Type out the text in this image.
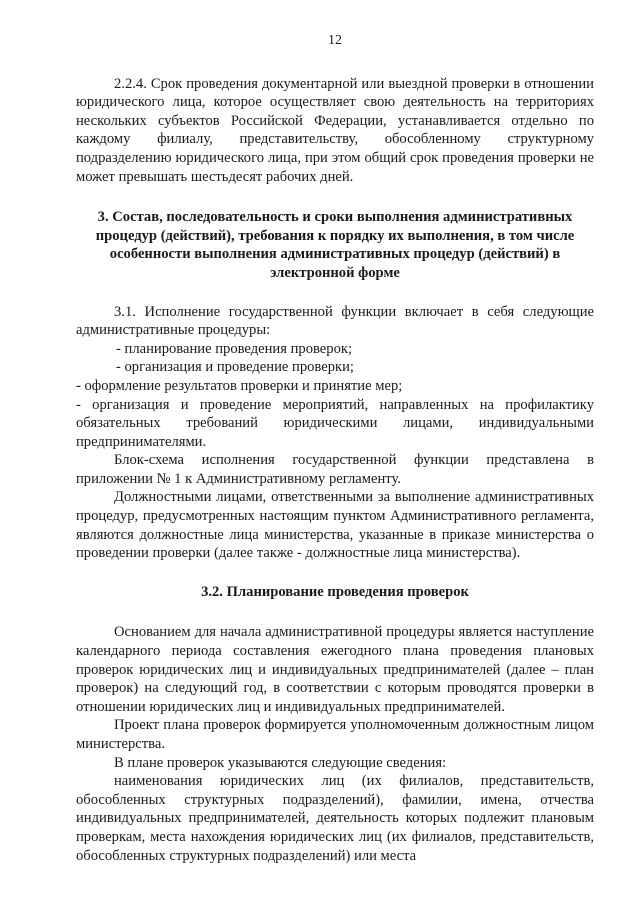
12

2.2.4. Срок проведения документарной или выездной проверки в отношении юридического лица, которое осуществляет свою деятельность на территориях нескольких субъектов Российской Федерации, устанавливается отдельно по каждому филиалу, представительству, обособленному структурному подразделению юридического лица, при этом общий срок проведения проверки не может превышать шестьдесят рабочих дней.

3. Состав, последовательность и сроки выполнения административных процедур (действий), требования к порядку их выполнения, в том числе особенности выполнения административных процедур (действий) в электронной форме

3.1. Исполнение государственной функции включает в себя следующие административные процедуры:

- планирование проведения проверок;

- организация и проведение проверки;

- оформление результатов проверки и принятие мер;

- организация и проведение мероприятий, направленных на профилактику обязательных требований юридическими лицами, индивидуальными предпринимателями.

Блок-схема исполнения государственной функции представлена в приложении № 1 к Административному регламенту.

Должностными лицами, ответственными за выполнение административных процедур, предусмотренных настоящим пунктом Административного регламента, являются должностные лица министерства, указанные в приказе министерства о проведении проверки (далее также - должностные лица министерства).

3.2. Планирование проведения проверок

Основанием для начала административной процедуры является наступление календарного периода составления ежегодного плана проведения плановых проверок юридических лиц и индивидуальных предпринимателей (далее – план проверок) на следующий год, в соответствии с которым проводятся проверки в отношении юридических лиц и индивидуальных предпринимателей.

Проект плана проверок формируется уполномоченным должностным лицом министерства.

В плане проверок указываются следующие сведения:

наименования юридических лиц (их филиалов, представительств, обособленных структурных подразделений), фамилии, имена, отчества индивидуальных предпринимателей, деятельность которых подлежит плановым проверкам, места нахождения юридических лиц (их филиалов, представительств, обособленных структурных подразделений) или места
